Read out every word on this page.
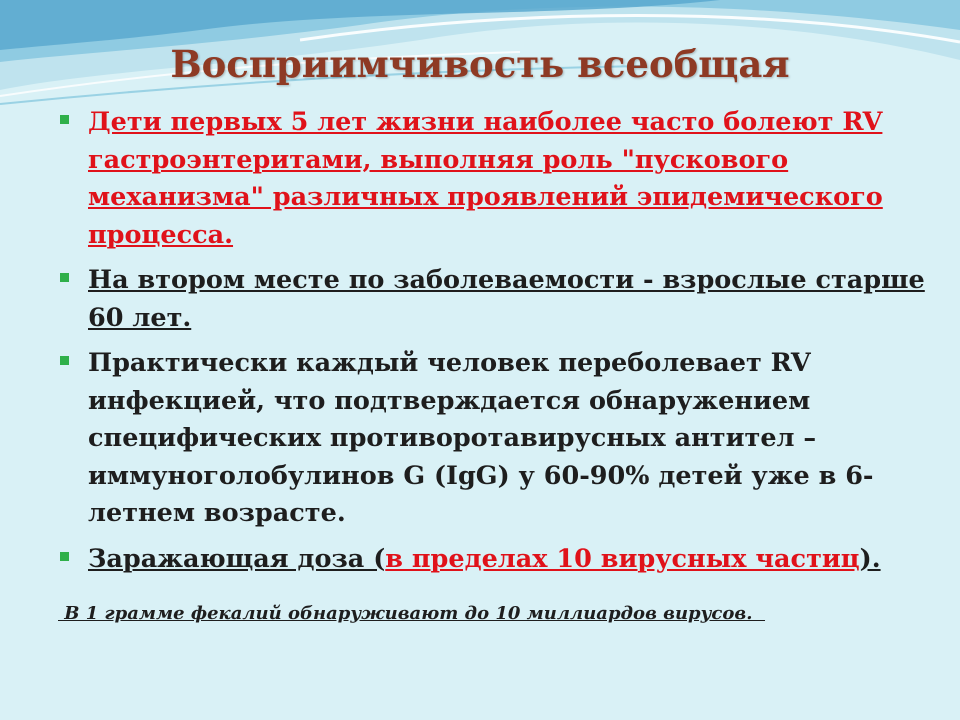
Восприимчивость всеобщая
Дети первых 5 лет жизни наиболее часто болеют RV гастроэнтеритами, выполняя роль "пускового механизма" различных проявлений эпидемического процесса.
На втором месте по заболеваемости - взрослые старше 60 лет.
Практически каждый человек переболевает RV инфекцией, что подтверждается обнаружением специфических противоротавирусных антител – иммуноголобулинов G (IgG) у 60-90% детей уже в 6-летнем возрасте.
Заражающая доза (в пределах 10 вирусных частиц).

В 1 грамме фекалий обнаруживают до 10 миллиардов вирусов.
